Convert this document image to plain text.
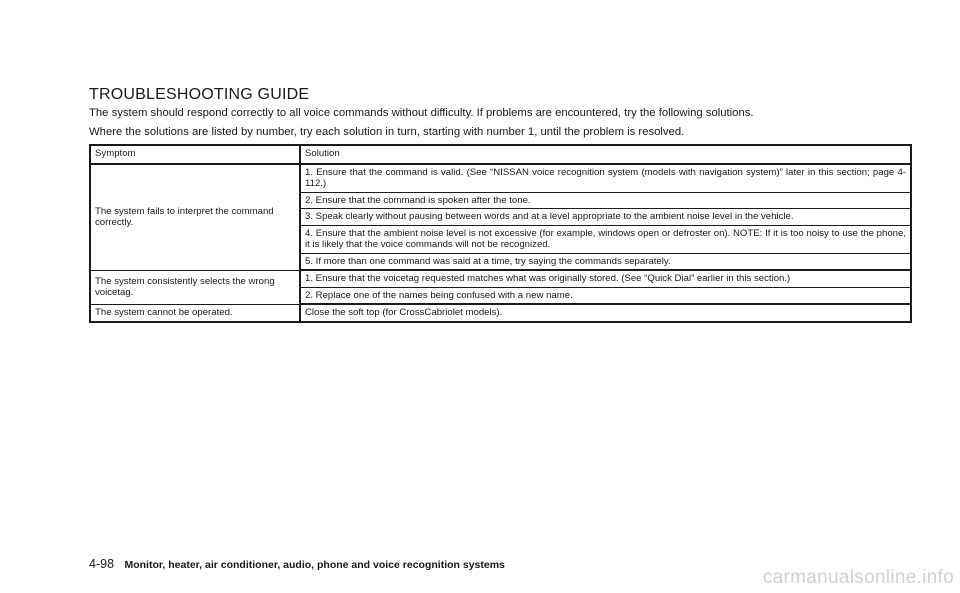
TROUBLESHOOTING GUIDE

The system should respond correctly to all voice commands without difficulty. If problems are encountered, try the following solutions.

Where the solutions are listed by number, try each solution in turn, starting with number 1, until the problem is resolved.

Symptom	Solution
The system fails to interpret the command correctly.	1. Ensure that the command is valid. (See “NISSAN voice recognition system (models with navigation system)” later in this section; page 4-112.)
	2. Ensure that the command is spoken after the tone.
	3. Speak clearly without pausing between words and at a level appropriate to the ambient noise level in the vehicle.
	4. Ensure that the ambient noise level is not excessive (for example, windows open or defroster on). NOTE: If it is too noisy to use the phone, it is likely that the voice commands will not be recognized.
	5. If more than one command was said at a time, try saying the commands separately.
The system consistently selects the wrong voicetag.	1. Ensure that the voicetag requested matches what was originally stored. (See “Quick Dial” earlier in this section.)
	2. Replace one of the names being confused with a new name.
The system cannot be operated.	Close the soft top (for CrossCabriolet models).
4-98 Monitor, heater, air conditioner, audio, phone and voice recognition systems
carmanualsonline.info
